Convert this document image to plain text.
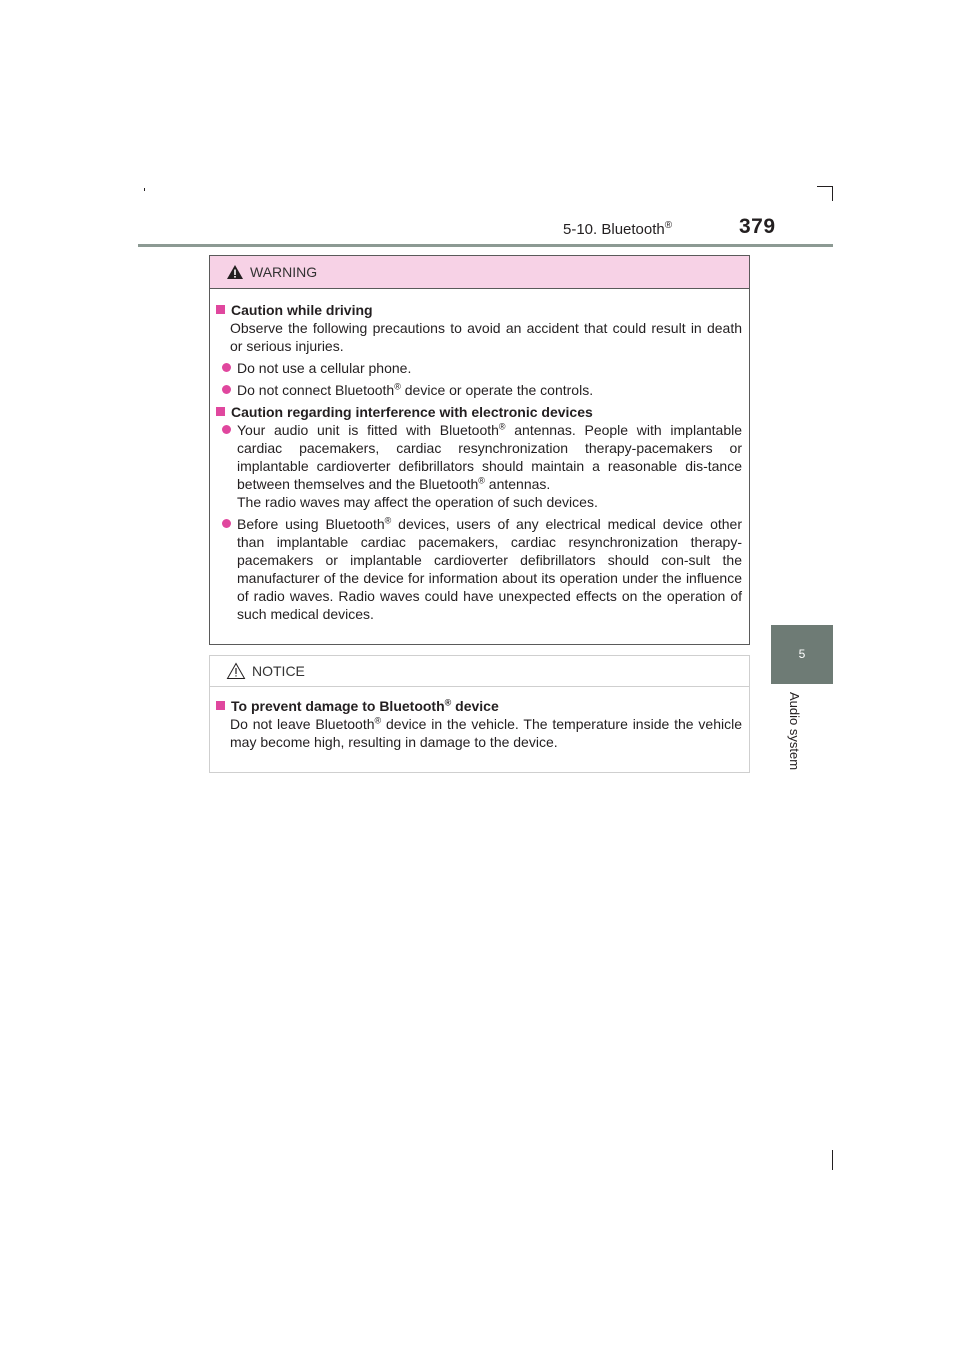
5-10. Bluetooth®	379
5
Audio system
WARNING
Caution while driving
Observe the following precautions to avoid an accident that could result in death or serious injuries.
Do not use a cellular phone.
Do not connect Bluetooth® device or operate the controls.
Caution regarding interference with electronic devices
Your audio unit is fitted with Bluetooth® antennas. People with implantable cardiac pacemakers, cardiac resynchronization therapy-pacemakers or implantable cardioverter defibrillators should maintain a reasonable dis-tance between themselves and the Bluetooth® antennas.
The radio waves may affect the operation of such devices.
Before using Bluetooth® devices, users of any electrical medical device other than implantable cardiac pacemakers, cardiac resynchronization therapy-pacemakers or implantable cardioverter defibrillators should con-sult the manufacturer of the device for information about its operation under the influence of radio waves. Radio waves could have unexpected effects on the operation of such medical devices.
NOTICE
To prevent damage to Bluetooth® device
Do not leave Bluetooth® device in the vehicle. The temperature inside the vehicle may become high, resulting in damage to the device.
